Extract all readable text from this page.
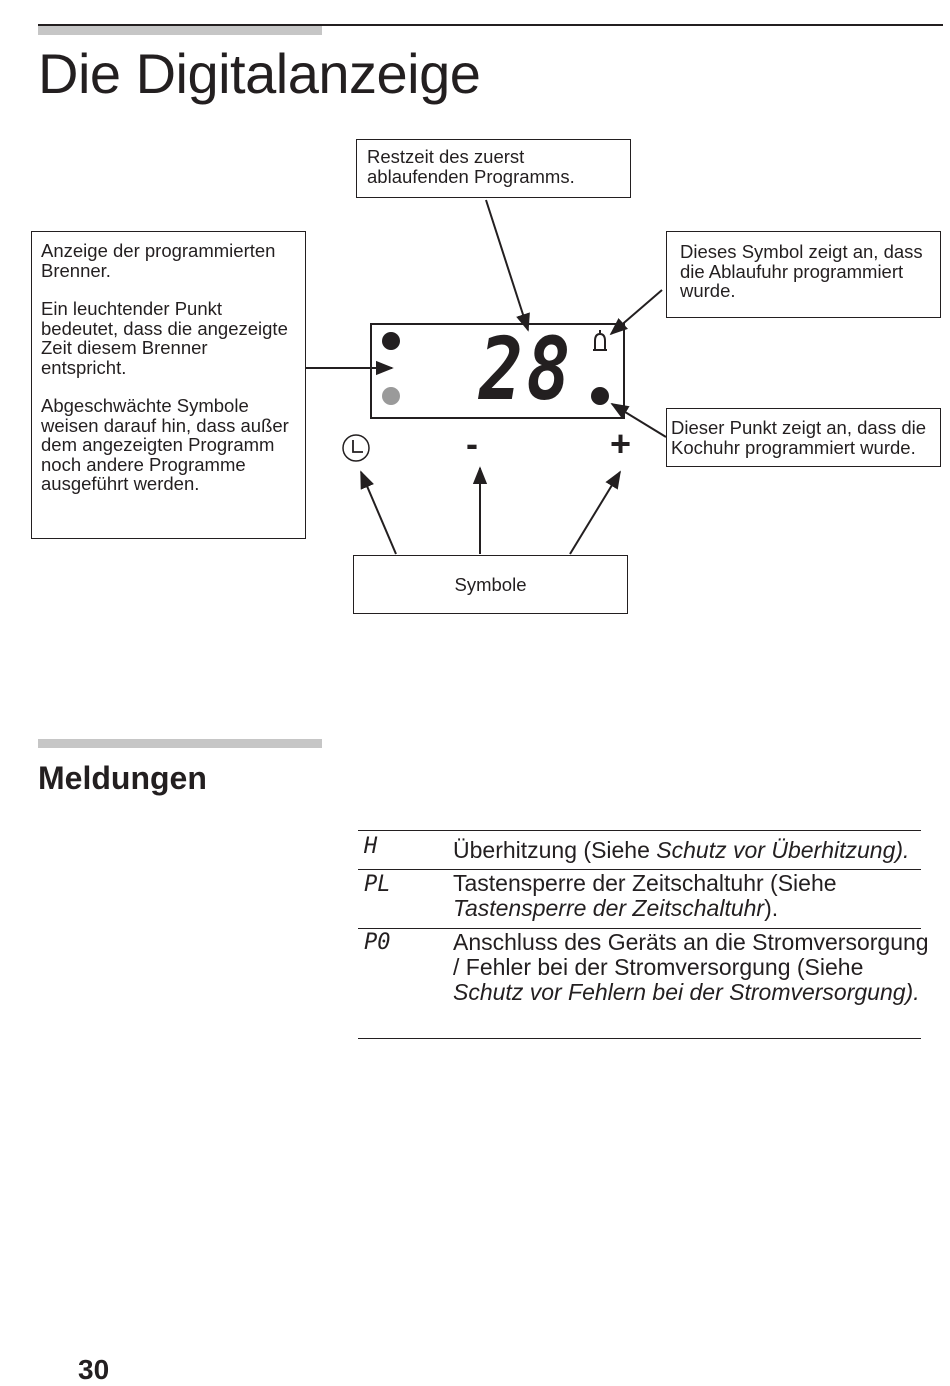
Die Digitalanzeige
28
-	+

Restzeit des zuerst ablaufenden Programms.

Anzeige der programmierten Brenner.

Ein leuchtender Punkt bedeutet, dass die angezeigte Zeit diesem Brenner entspricht.

Abgeschwächte Symbole weisen darauf hin, dass außer dem angezeigten Programm noch andere Programme ausgeführt werden.

Dieses Symbol zeigt an, dass die Ablaufuhr programmiert wurde.

Dieser Punkt zeigt an, dass die Kochuhr programmiert wurde.

Symbole

Meldungen
H	Überhitzung (Siehe Schutz vor Überhitzung).
PL	Tastensperre der Zeitschaltuhr (Siehe Tastensperre der Zeitschaltuhr).
P0	Anschluss des Geräts an die Stromversorgung / Fehler bei der Stromversorgung (Siehe Schutz vor Fehlern bei der Stromversorgung).
30
